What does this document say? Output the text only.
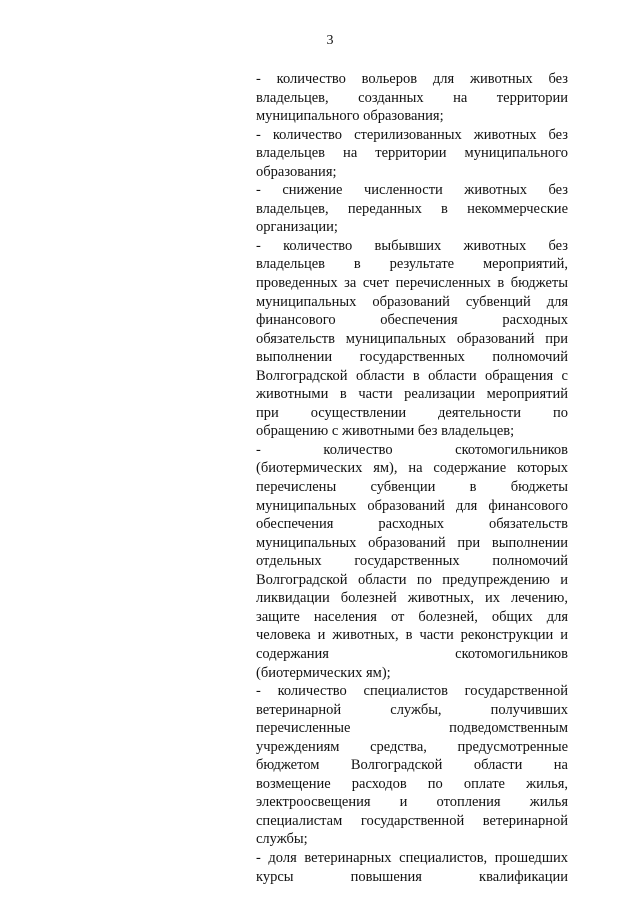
3
- количество вольеров для животных без
владельцев, созданных на территории
муниципального образования;
- количество стерилизованных животных без
владельцев на территории муниципального
образования;
- снижение численности животных без
владельцев, переданных в некоммерческие
организации;
- количество выбывших животных без
владельцев в результате мероприятий,
проведенных за счет перечисленных в бюджеты
муниципальных образований субвенций для
финансового обеспечения расходных
обязательств муниципальных образований при
выполнении государственных полномочий
Волгоградской области в области обращения с
животными в части реализации мероприятий
при осуществлении деятельности по
обращению с животными без владельцев;
- количество скотомогильников
(биотермических ям), на содержание которых
перечислены субвенции в бюджеты
муниципальных образований для финансового
обеспечения расходных обязательств
муниципальных образований при выполнении
отдельных государственных полномочий
Волгоградской области по предупреждению и
ликвидации болезней животных, их лечению,
защите населения от болезней, общих для
человека и животных, в части реконструкции и
содержания скотомогильников
(биотермических ям);
- количество специалистов государственной
ветеринарной службы, получивших
перечисленные подведомственным
учреждениям средства, предусмотренные
бюджетом Волгоградской области на
возмещение расходов по оплате жилья,
электроосвещения и отопления жилья
специалистам государственной ветеринарной
службы;
- доля ветеринарных специалистов, прошедших
курсы повышения квалификации
